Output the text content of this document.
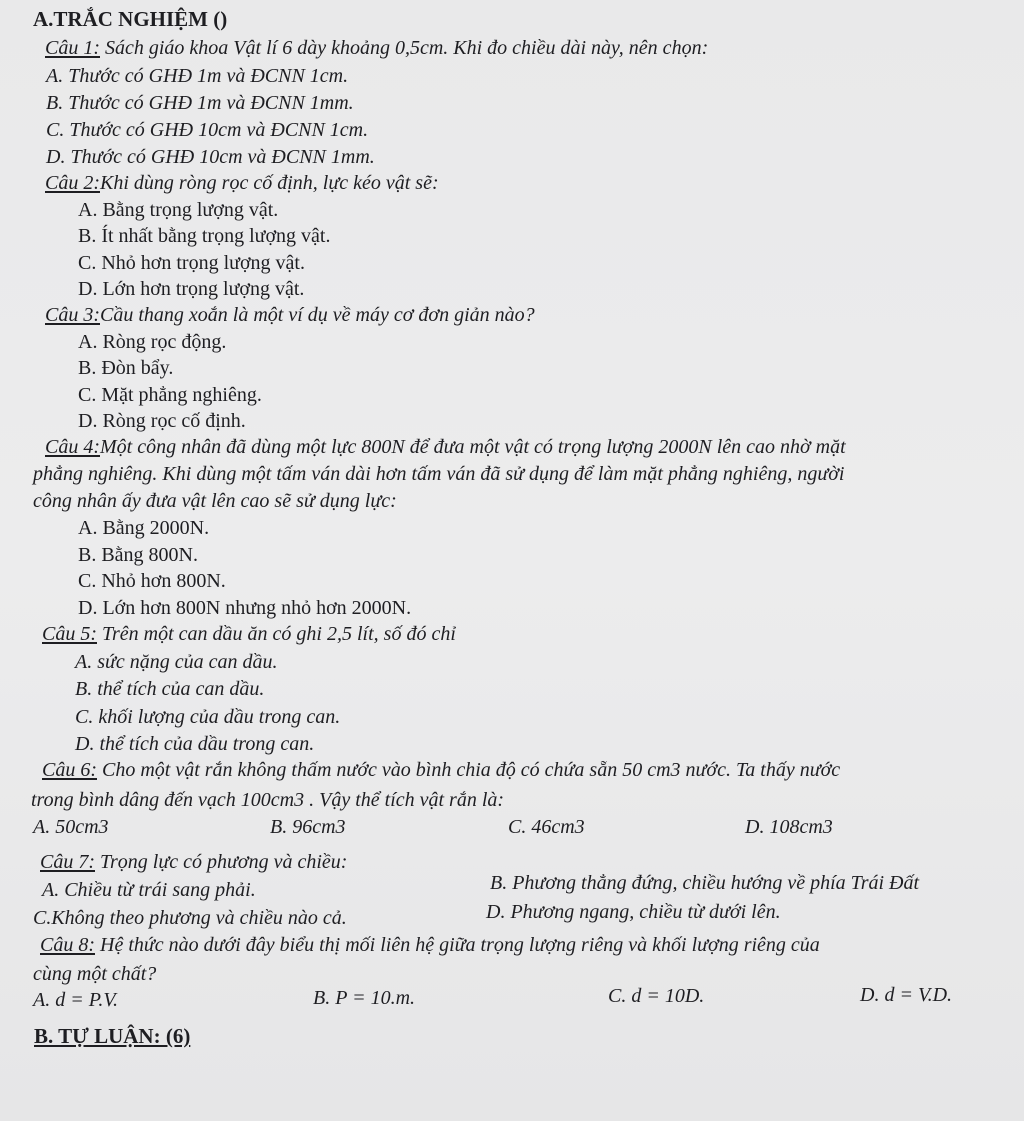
A.TRẮC NGHIỆM ()
Câu 1: Sách giáo khoa Vật lí 6 dày khoảng 0,5cm. Khi đo chiều dài này, nên chọn:
A. Thước có GHĐ 1m và ĐCNN 1cm.
B. Thước có GHĐ 1m và ĐCNN 1mm.
C. Thước có GHĐ 10cm và ĐCNN 1cm.
D. Thước có GHĐ 10cm và ĐCNN 1mm.
Câu 2:Khi dùng ròng rọc cố định, lực kéo vật sẽ:
A. Bằng trọng lượng vật.
B. Ít nhất bằng trọng lượng vật.
C. Nhỏ hơn trọng lượng vật.
D. Lớn hơn trọng lượng vật.
Câu 3:Cầu thang xoắn là một ví dụ về máy cơ đơn giản nào?
A. Ròng rọc động.
B. Đòn bẩy.
C. Mặt phẳng nghiêng.
D. Ròng rọc cố định.
Câu 4:Một công nhân đã dùng một lực 800N để đưa một vật có trọng lượng 2000N lên cao nhờ mặt
phẳng nghiêng. Khi dùng một tấm ván dài hơn tấm ván đã sử dụng để làm mặt phẳng nghiêng, người
công nhân ấy đưa vật lên cao sẽ sử dụng lực:
A. Bằng 2000N.
B. Bằng 800N.
C. Nhỏ hơn 800N.
D. Lớn hơn 800N nhưng nhỏ hơn 2000N.
Câu 5: Trên một can dầu ăn có ghi 2,5 lít, số đó chỉ
A. sức nặng của can dầu.
B. thể tích của can dầu.
C. khối lượng của dầu trong can.
D. thể tích của dầu trong can.
Câu 6: Cho một vật rắn không thấm nước vào bình chia độ có chứa sẵn 50 cm3 nước. Ta thấy nước
trong bình dâng đến vạch 100cm3 . Vậy thể tích vật rắn là:
A. 50cm3	B. 96cm3	C. 46cm3	D. 108cm3
Câu 7: Trọng lực có phương và chiều:
A. Chiều từ trái sang phải.	B. Phương thẳng đứng, chiều hướng về phía Trái Đất
C.Không theo phương và chiều nào cả.	D. Phương ngang, chiều từ dưới lên.
Câu 8: Hệ thức nào dưới đây biểu thị mối liên hệ giữa trọng lượng riêng và khối lượng riêng của
cùng một chất?
A. d = P.V.	B. P = 10.m.	C. d = 10D.	D. d = V.D.
B. TỰ LUẬN: (6)
